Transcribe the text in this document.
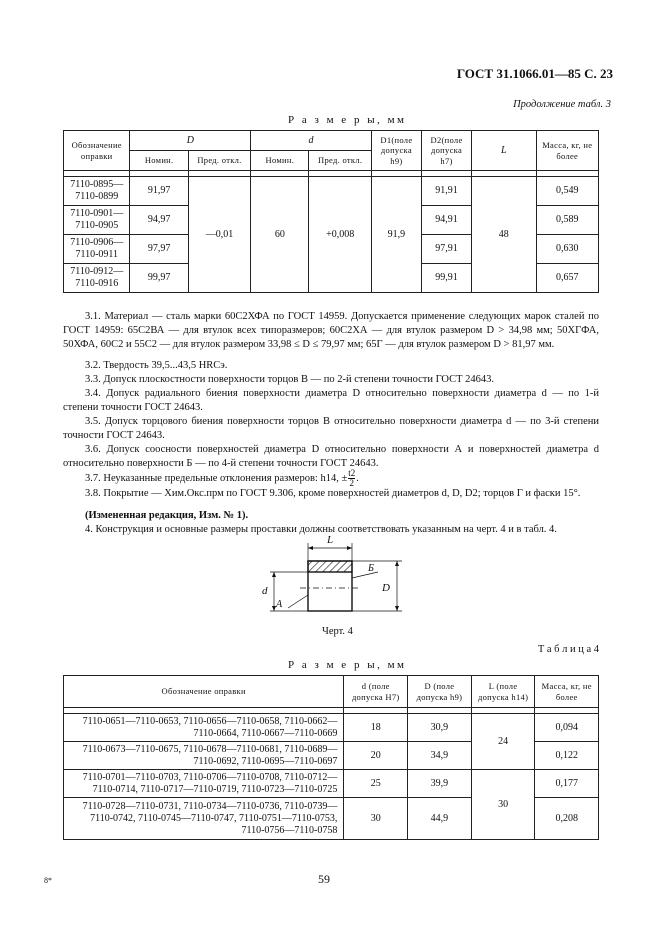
ГОСТ 31.1066.01—85 С. 23
Продолжение табл. 3
Р а з м е р ы, мм
Обозначение оправки	D		d		D1(поле допуска h9)	D2(поле допуска h7)	L	Масса, кг, не более
	Номин.	Пред. откл.	Номин.	Пред. откл.				

7110-0895— 7110-0899	91,97	—0,01	60	+0,008	91,9	91,91	48	0,549
7110-0901— 7110-0905	94,97					94,91		0,589
7110-0906— 7110-0911	97,97					97,91		0,630
7110-0912— 7110-0916	99,97					99,91		0,657
3.1. Материал — сталь марки 60С2ХФА по ГОСТ 14959. Допускается применение следующих марок сталей по ГОСТ 14959: 65С2ВА — для втулок всех типоразмеров; 60С2ХА — для втулок размером D > 34,98 мм; 50ХГФА, 50ХФА, 60С2 и 55С2 — для втулок размером 33,98 ≤ D ≤ 79,97 мм; 65Г — для втулок размером D > 81,97 мм.
3.2. Твердость 39,5...43,5 HRCэ.
3.3. Допуск плоскостности поверхности торцов В — по 2-й степени точности ГОСТ 24643.
3.4. Допуск радиального биения поверхности диаметра D относительно поверхности диаметра d — по 1-й степени точности ГОСТ 24643.
3.5. Допуск торцового биения поверхности торцов В относительно поверхности диаметра d — по 3-й степени точности ГОСТ 24643.
3.6. Допуск соосности поверхностей диаметра D относительно поверхности А и поверхностей диаметра d относительно поверхности Б — по 4-й степени точности ГОСТ 24643.
3.7. Неуказанные предельные отклонения размеров: h14, ± $\frac{t2}{2}$ .
3.8. Покрытие — Хим.Окс.прм по ГОСТ 9.306, кроме поверхностей диаметров d, D, D2; торцов Г и фаски 15°.
(Измененная редакция, Изм. № 1).
4. Конструкция и основные размеры проставки должны соответствовать указанным на черт. 4 и в табл. 4.
L
Б
D
d
А
Черт. 4
Т а б л и ц а 4
Р а з м е р ы, мм
Обозначение оправки	d (поле допуска Н7)	D (поле допуска h9)	L (поле допуска h14)	Масса, кг, не более

7110-0651—7110-0653, 7110-0656—7110-0658, 7110-0662— 7110-0664, 7110-0667—7110-0669	18	30,9	24	0,094
7110-0673—7110-0675, 7110-0678—7110-0681, 7110-0689— 7110-0692, 7110-0695—7110-0697	20	34,9		0,122
7110-0701—7110-0703, 7110-0706—7110-0708, 7110-0712— 7110-0714, 7110-0717—7110-0719, 7110-0723—7110-0725	25	39,9	30	0,177
7110-0728—7110-0731, 7110-0734—7110-0736, 7110-0739— 7110-0742, 7110-0745—7110-0747, 7110-0751—7110-0753, 7110-0756—7110-0758	30	44,9		0,208
8*	59
